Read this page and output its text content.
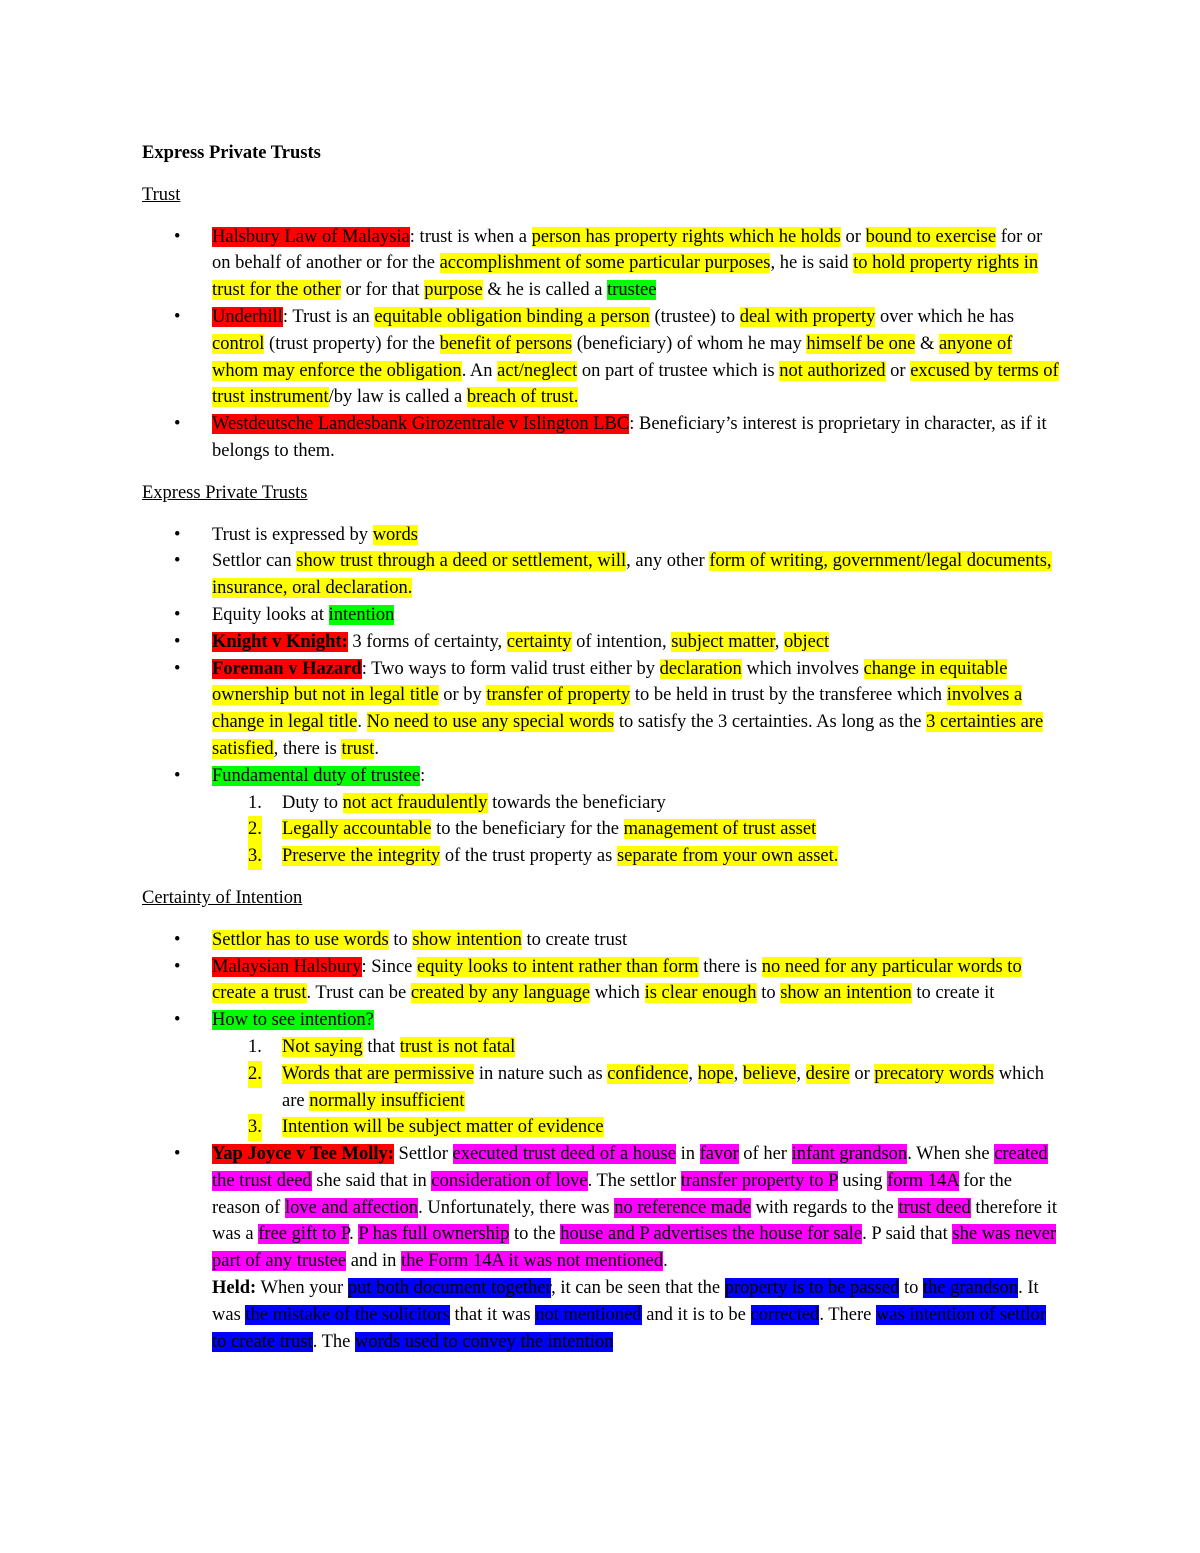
Express Private Trusts
Trust
• Halsbury Law of Malaysia: trust is when a person has property rights which he holds or bound to exercise for or on behalf of another or for the accomplishment of some particular purposes, he is said to hold property rights in trust for the other or for that purpose & he is called a trustee
• Underhill: Trust is an equitable obligation binding a person (trustee) to deal with property over which he has control (trust property) for the benefit of persons (beneficiary) of whom he may himself be one & anyone of whom may enforce the obligation. An act/neglect on part of trustee which is not authorized or excused by terms of trust instrument/by law is called a breach of trust.
• Westdeutsche Landesbank Girozentrale v Islington LBC: Beneficiary’s interest is proprietary in character, as if it belongs to them.
Express Private Trusts
• Trust is expressed by words
• Settlor can show trust through a deed or settlement, will, any other form of writing, government/legal documents, insurance, oral declaration.
• Equity looks at intention
• Knight v Knight: 3 forms of certainty, certainty of intention, subject matter, object
• Foreman v Hazard: Two ways to form valid trust either by declaration which involves change in equitable ownership but not in legal title or by transfer of property to be held in trust by the transferee which involves a change in legal title. No need to use any special words to satisfy the 3 certainties. As long as the 3 certainties are satisfied, there is trust.
• Fundamental duty of trustee:
1. Duty to not act fraudulently towards the beneficiary
2. Legally accountable to the beneficiary for the management of trust asset
3. Preserve the integrity of the trust property as separate from your own asset.
Certainty of Intention
• Settlor has to use words to show intention to create trust
• Malaysian Halsbury: Since equity looks to intent rather than form there is no need for any particular words to create a trust. Trust can be created by any language which is clear enough to show an intention to create it
• How to see intention?
1. Not saying that trust is not fatal
2. Words that are permissive in nature such as confidence, hope, believe, desire or precatory words which are normally insufficient
3. Intention will be subject matter of evidence
• Yap Joyce v Tee Molly: Settlor executed trust deed of a house in favor of her infant grandson. When she created the trust deed she said that in consideration of love. The settlor transfer property to P using form 14A for the reason of love and affection. Unfortunately, there was no reference made with regards to the trust deed therefore it was a free gift to P. P has full ownership to the house and P advertises the house for sale. P said that she was never part of any trustee and in the Form 14A it was not mentioned.
Held: When your put both document together, it can be seen that the property is to be passed to the grandson. It was the mistake of the solicitors that it was not mentioned and it is to be corrected. There was intention of settlor to create trust. The words used to convey the intention
